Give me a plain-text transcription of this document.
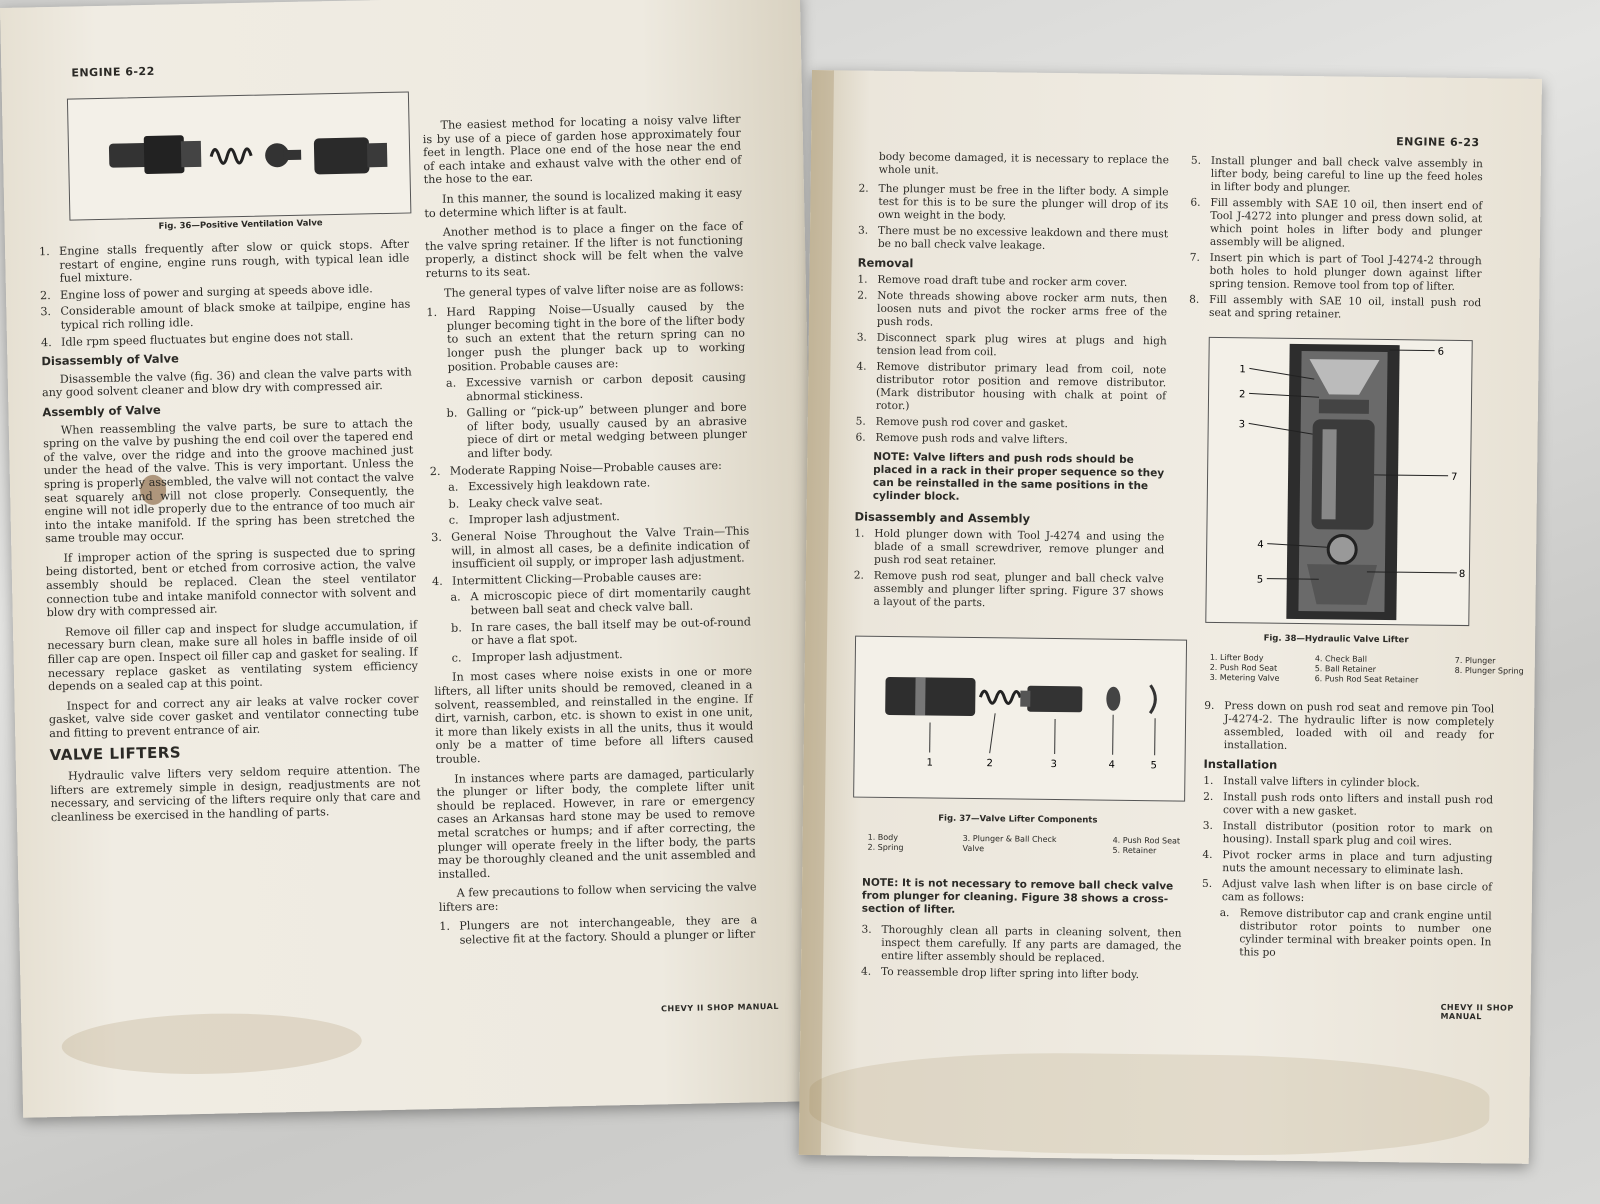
ENGINE 6-22
Fig. 36—Positive Ventilation Valve
1. Engine stalls frequently after slow or quick stops. After restart of engine, engine runs rough, with typical lean idle fuel mixture.
2. Engine loss of power and surging at speeds above idle.
3. Considerable amount of black smoke at tailpipe, engine has typical rich rolling idle.
4. Idle rpm speed fluctuates but engine does not stall.
Disassembly of Valve

Disassemble the valve (fig. 36) and clean the valve parts with any good solvent cleaner and blow dry with compressed air.

Assembly of Valve

When reassembling the valve parts, be sure to attach the spring on the valve by pushing the end coil over the tapered end of the valve, over the ridge and into the groove machined just under the head of the valve. This is very important. Unless the spring is properly assembled, the valve will not contact the valve seat squarely and will not close properly. Consequently, the engine will not idle properly due to the entrance of too much air into the intake manifold. If the spring has been stretched the same trouble may occur.

If improper action of the spring is suspected due to spring being distorted, bent or etched from corrosive action, the valve assembly should be replaced. Clean the steel ventilator connection tube and intake manifold connector with solvent and blow dry with compressed air.

Remove oil filler cap and inspect for sludge accumulation, if necessary burn clean, make sure all holes in baffle inside of oil filler cap are open. Inspect oil filler cap and gasket for sealing. If necessary replace gasket as ventilating system efficiency depends on a sealed cap at this point.

Inspect for and correct any air leaks at valve rocker cover gasket, valve side cover gasket and ventilator connecting tube and fitting to prevent entrance of air.

VALVE LIFTERS

Hydraulic valve lifters very seldom require attention. The lifters are extremely simple in design, readjustments are not necessary, and servicing of the lifters require only that care and cleanliness be exercised in the handling of parts.

The easiest method for locating a noisy valve lifter is by use of a piece of garden hose approximately four feet in length. Place one end of the hose near the end of each intake and exhaust valve with the other end of the hose to the ear.

In this manner, the sound is localized making it easy to determine which lifter is at fault.

Another method is to place a finger on the face of the valve spring retainer. If the lifter is not functioning properly, a distinct shock will be felt when the valve returns to its seat.

The general types of valve lifter noise are as follows:

1. Hard Rapping Noise—Usually caused by the plunger becoming tight in the bore of the lifter body to such an extent that the return spring can no longer push the plunger back up to working position. Probable causes are:
a. Excessive varnish or carbon deposit causing abnormal stickiness.
b. Galling or “pick-up” between plunger and bore of lifter body, usually caused by an abrasive piece of dirt or metal wedging between plunger and lifter body.
2. Moderate Rapping Noise—Probable causes are:
a. Excessively high leakdown rate.
b. Leaky check valve seat.
c. Improper lash adjustment.
3. General Noise Throughout the Valve Train—This will, in almost all cases, be a definite indication of insufficient oil supply, or improper lash adjustment.
4. Intermittent Clicking—Probable causes are:
a. A microscopic piece of dirt momentarily caught between ball seat and check valve ball.
b. In rare cases, the ball itself may be out-of-round or have a flat spot.
c. Improper lash adjustment.

In most cases where noise exists in one or more lifters, all lifter units should be removed, cleaned in a solvent, reassembled, and reinstalled in the engine. If dirt, varnish, carbon, etc. is shown to exist in one unit, it more than likely exists in all the units, thus it would only be a matter of time before all lifters caused trouble.

In instances where parts are damaged, particularly the plunger or lifter body, the complete lifter unit should be replaced. However, in rare or emergency cases an Arkansas hard stone may be used to remove metal scratches or humps; and if after correcting, the plunger will operate freely in the lifter body, the parts may be thoroughly cleaned and the unit assembled and installed.

A few precautions to follow when servicing the valve lifters are:

1. Plungers are not interchangeable, they are a selective fit at the factory. Should a plunger or lifter
CHEVY II SHOP MANUAL
ENGINE 6-23

body become damaged, it is necessary to replace the whole unit.

2. The plunger must be free in the lifter body. A simple test for this is to be sure the plunger will drop of its own weight in the body.
3. There must be no excessive leakdown and there must be no ball check valve leakage.
Removal
1. Remove road draft tube and rocker arm cover.
2. Note threads showing above rocker arm nuts, then loosen nuts and pivot the rocker arms free of the push rods.
3. Disconnect spark plug wires at plugs and high tension lead from coil.
4. Remove distributor primary lead from coil, note distributor rotor position and remove distributor. (Mark distributor housing with chalk at point of rotor.)
5. Remove push rod cover and gasket.
6. Remove push rods and valve lifters.
NOTE: Valve lifters and push rods should be placed in a rack in their proper sequence so they can be reinstalled in the same positions in the cylinder block.
Disassembly and Assembly
1. Hold plunger down with Tool J-4274 and using the blade of a small screwdriver, remove plunger and push rod seat retainer.
2. Remove push rod seat, plunger and ball check valve assembly and plunger lifter spring. Figure 37 shows a layout of the parts.
1	2	3	4	5
Fig. 37—Valve Lifter Components
1. Body
2. Spring
3. Plunger & Ball Check Valve
4. Push Rod Seat
5. Retainer
NOTE: It is not necessary to remove ball check valve from plunger for cleaning. Figure 38 shows a cross-section of lifter.
3. Thoroughly clean all parts in cleaning solvent, then inspect them carefully. If any parts are damaged, the entire lifter assembly should be replaced.
4. To reassemble drop lifter spring into lifter body.
5. Install plunger and ball check valve assembly in lifter body, being careful to line up the feed holes in lifter body and plunger.
6. Fill assembly with SAE 10 oil, then insert end of Tool J-4272 into plunger and press down solid, at which point holes in lifter body and plunger assembly will be aligned.
7. Insert pin which is part of Tool J-4274-2 through both holes to hold plunger down against lifter spring tension. Remove tool from top of lifter.
8. Fill assembly with SAE 10 oil, install push rod seat and spring retainer.
1
2
3
4
5
6
7
8
Fig. 38—Hydraulic Valve Lifter
1. Lifter Body
2. Push Rod Seat
3. Metering Valve
4. Check Ball
5. Ball Retainer
6. Push Rod Seat Retainer
7. Plunger
8. Plunger Spring
9. Press down on push rod seat and remove pin Tool J-4274-2. The hydraulic lifter is now completely assembled, loaded with oil and ready for installation.
Installation
1. Install valve lifters in cylinder block.
2. Install push rods onto lifters and install push rod cover with a new gasket.
3. Install distributor (position rotor to mark on housing). Install spark plug and coil wires.
4. Pivot rocker arms in place and turn adjusting nuts the amount necessary to eliminate lash.
5. Adjust valve lash when lifter is on base circle of cam as follows:
a. Remove distributor cap and crank engine until distributor rotor points to number one cylinder terminal with breaker points open. In this po
CHEVY II SHOP MANUAL
